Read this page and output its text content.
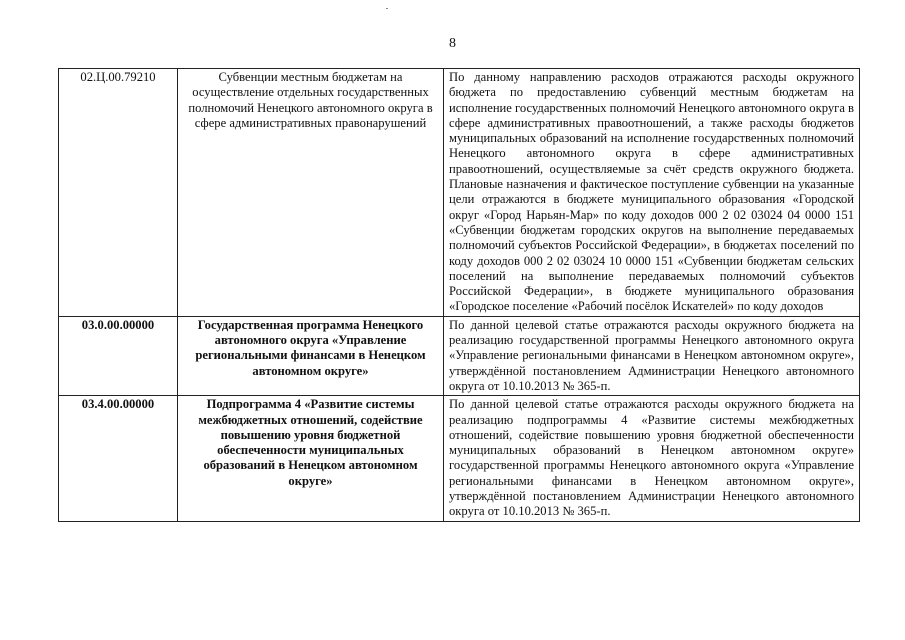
8
02.Ц.00.79210	Субвенции местным бюджетам на осуществление отдельных государственных полномочий Ненецкого автономного округа в сфере административных правонарушений	По данному направлению расходов отражаются расходы окружного бюджета по предоставлению субвенций местным бюджетам на исполнение государственных полномочий Ненецкого автономного округа в сфере административных правоотношений, а также расходы бюджетов муниципальных образований на исполнение государственных полномочий Ненецкого автономного округа в сфере административных правоотношений, осуществляемые за счёт средств окружного бюджета. Плановые назначения и фактическое поступление субвенции на указанные цели отражаются в бюджете муниципального образования «Городской округ «Город Нарьян-Мар» по коду доходов 000 2 02 03024 04 0000 151 «Субвенции бюджетам городских округов на выполнение передаваемых полномочий субъектов Российской Федерации», в бюджетах поселений по коду доходов 000 2 02 03024 10 0000 151 «Субвенции бюджетам сельских поселений на выполнение передаваемых полномочий субъектов Российской Федерации», в бюджете муниципального образования «Городское поселение «Рабочий посёлок Искателей» по коду доходов
03.0.00.00000	Государственная программа Ненецкого автономного округа «Управление региональными финансами в Ненецком автономном округе»	По данной целевой статье отражаются расходы окружного бюджета на реализацию государственной программы Ненецкого автономного округа «Управление региональными финансами в Ненецком автономном округе», утверждённой постановлением Администрации Ненецкого автономного округа от 10.10.2013 № 365-п.
03.4.00.00000	Подпрограмма 4 «Развитие системы межбюджетных отношений, содействие повышению уровня бюджетной обеспеченности муниципальных образований в Ненецком автономном округе»	По данной целевой статье отражаются расходы окружного бюджета на реализацию подпрограммы 4 «Развитие системы межбюджетных отношений, содействие повышению уровня бюджетной обеспеченности муниципальных образований в Ненецком автономном округе» государственной программы Ненецкого автономного округа «Управление региональными финансами в Ненецком автономном округе», утверждённой постановлением Администрации Ненецкого автономного округа от 10.10.2013 № 365-п.
